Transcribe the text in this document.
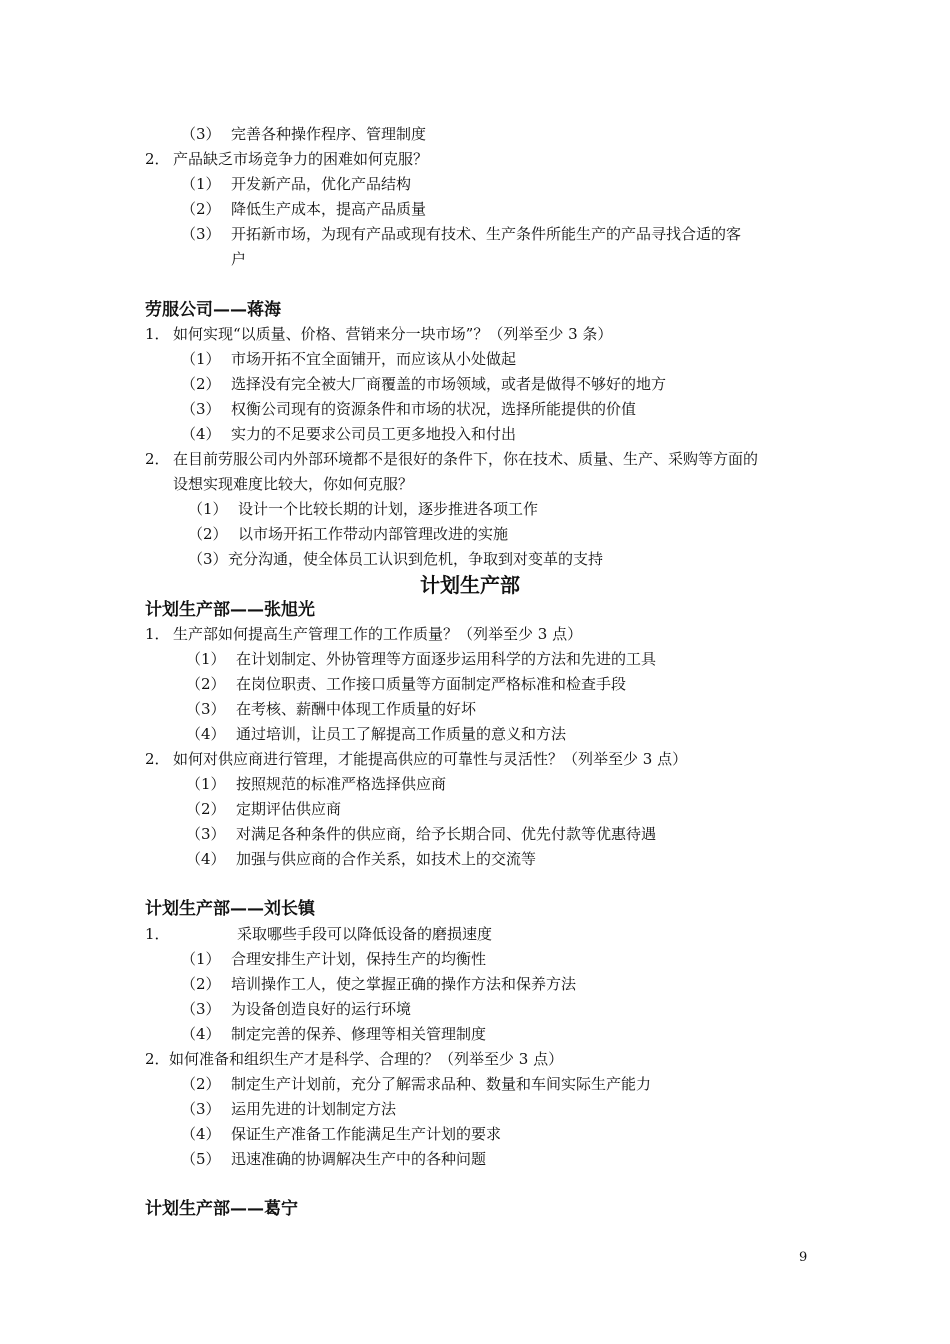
（3） 完善各种操作程序、管理制度
2． 产品缺乏市场竞争力的困难如何克服？
（1） 开发新产品，优化产品结构
（2） 降低生产成本，提高产品质量
（3） 开拓新市场，为现有产品或现有技术、生产条件所能生产的产品寻找合适的客
户
劳服公司——蒋海
1． 如何实现“以质量、价格、营销来分一块市场”？（列举至少 3 条）
（1） 市场开拓不宜全面铺开，而应该从小处做起
（2） 选择没有完全被大厂商覆盖的市场领域，或者是做得不够好的地方
（3） 权衡公司现有的资源条件和市场的状况，选择所能提供的价值
（4） 实力的不足要求公司员工更多地投入和付出
2． 在目前劳服公司内外部环境都不是很好的条件下，你在技术、质量、生产、采购等方面的
设想实现难度比较大，你如何克服？
（1） 设计一个比较长期的计划，逐步推进各项工作
（2） 以市场开拓工作带动内部管理改进的实施
（3）充分沟通，使全体员工认识到危机，争取到对变革的支持
计划生产部
计划生产部——张旭光
1． 生产部如何提高生产管理工作的工作质量？（列举至少 3 点）
（1） 在计划制定、外协管理等方面逐步运用科学的方法和先进的工具
（2） 在岗位职责、工作接口质量等方面制定严格标准和检查手段
（3） 在考核、薪酬中体现工作质量的好坏
（4） 通过培训，让员工了解提高工作质量的意义和方法
2． 如何对供应商进行管理，才能提高供应的可靠性与灵活性？（列举至少 3 点）
（1） 按照规范的标准严格选择供应商
（2） 定期评估供应商
（3） 对满足各种条件的供应商，给予长期合同、优先付款等优惠待遇
（4） 加强与供应商的合作关系，如技术上的交流等
计划生产部——刘长镇
1．	采取哪些手段可以降低设备的磨损速度
（1） 合理安排生产计划，保持生产的均衡性
（2） 培训操作工人，使之掌握正确的操作方法和保养方法
（3） 为设备创造良好的运行环境
（4） 制定完善的保养、修理等相关管理制度
2．如何准备和组织生产才是科学、合理的？（列举至少 3 点）
（2） 制定生产计划前，充分了解需求品种、数量和车间实际生产能力
（3） 运用先进的计划制定方法
（4） 保证生产准备工作能满足生产计划的要求
（5） 迅速准确的协调解决生产中的各种问题
计划生产部——葛宁
9
